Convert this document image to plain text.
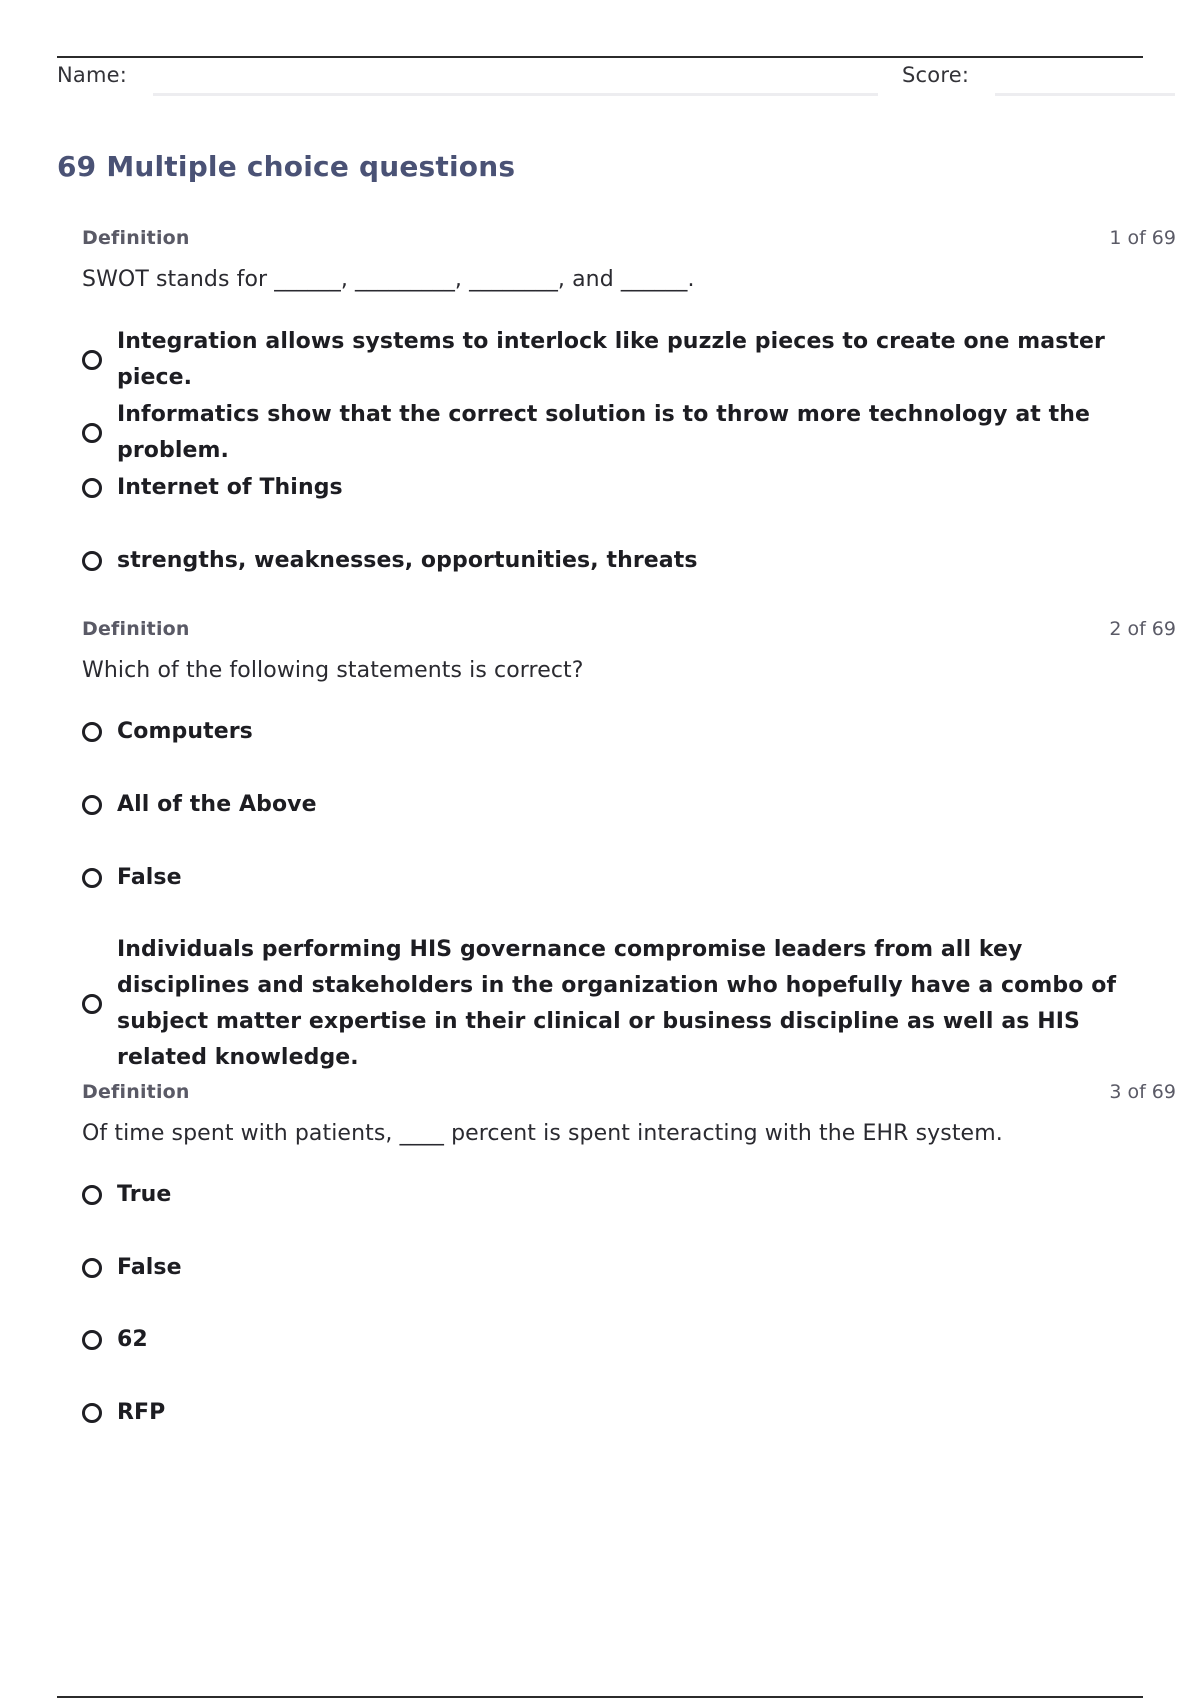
Name:	Score:
69 Multiple choice questions
Definition	1 of 69
SWOT stands for ______, _________, ________, and ______.
Integration allows systems to interlock like puzzle pieces to create one master piece.
Informatics show that the correct solution is to throw more technology at the problem.
Internet of Things
strengths, weaknesses, opportunities, threats
Definition	2 of 69
Which of the following statements is correct?
Computers
All of the Above
False
Individuals performing HIS governance compromise leaders from all key disciplines and stakeholders in the organization who hopefully have a combo of subject matter expertise in their clinical or business discipline as well as HIS related knowledge.
Definition	3 of 69
Of time spent with patients, ____ percent is spent interacting with the EHR system.
True
False
62
RFP
